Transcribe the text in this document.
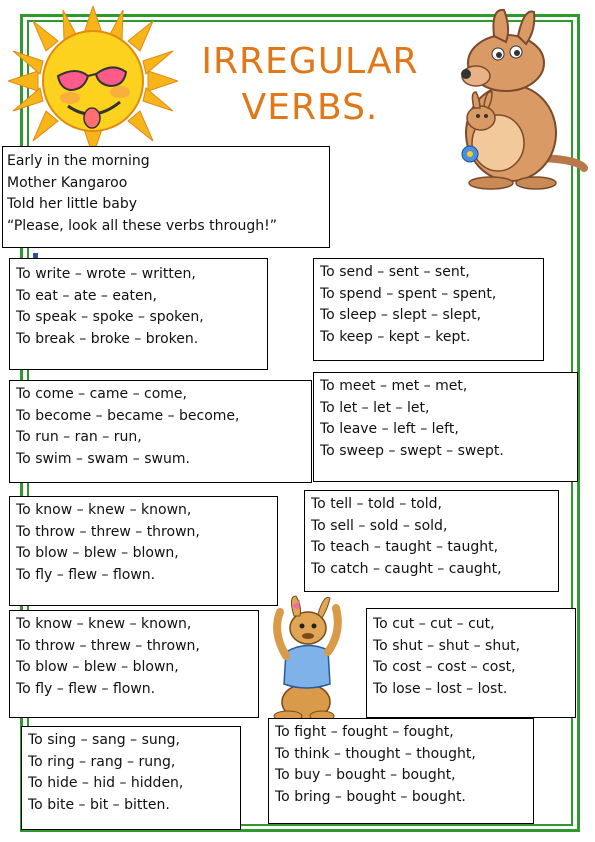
IRREGULAR
VERBS.
Early in the morning
Mother Kangaroo
Told her little baby
“Please, look all these verbs through!”
To write – wrote – written,
To eat – ate – eaten,
To speak – spoke – spoken,
To break – broke – broken.
To send – sent – sent,
To spend – spent – spent,
To sleep – slept – slept,
To keep – kept – kept.
To come – came – come,
To become – became – become,
To run – ran – run,
To swim – swam – swum.
To meet – met – met,
To let – let – let,
To leave – left – left,
To sweep – swept – swept.
To know – knew – known,
To throw – threw – thrown,
To blow – blew – blown,
To fly – flew – flown.
To tell – told – told,
To sell – sold – sold,
To teach – taught – taught,
To catch – caught – caught,
To know – knew – known,
To throw – threw – thrown,
To blow – blew – blown,
To fly – flew – flown.
To cut – cut – cut,
To shut – shut – shut,
To cost – cost – cost,
To lose – lost – lost.
To sing – sang – sung,
To ring – rang – rung,
To hide – hid – hidden,
To bite – bit – bitten.
To fight – fought – fought,
To think – thought – thought,
To buy – bought – bought,
To bring – bought – bought.
